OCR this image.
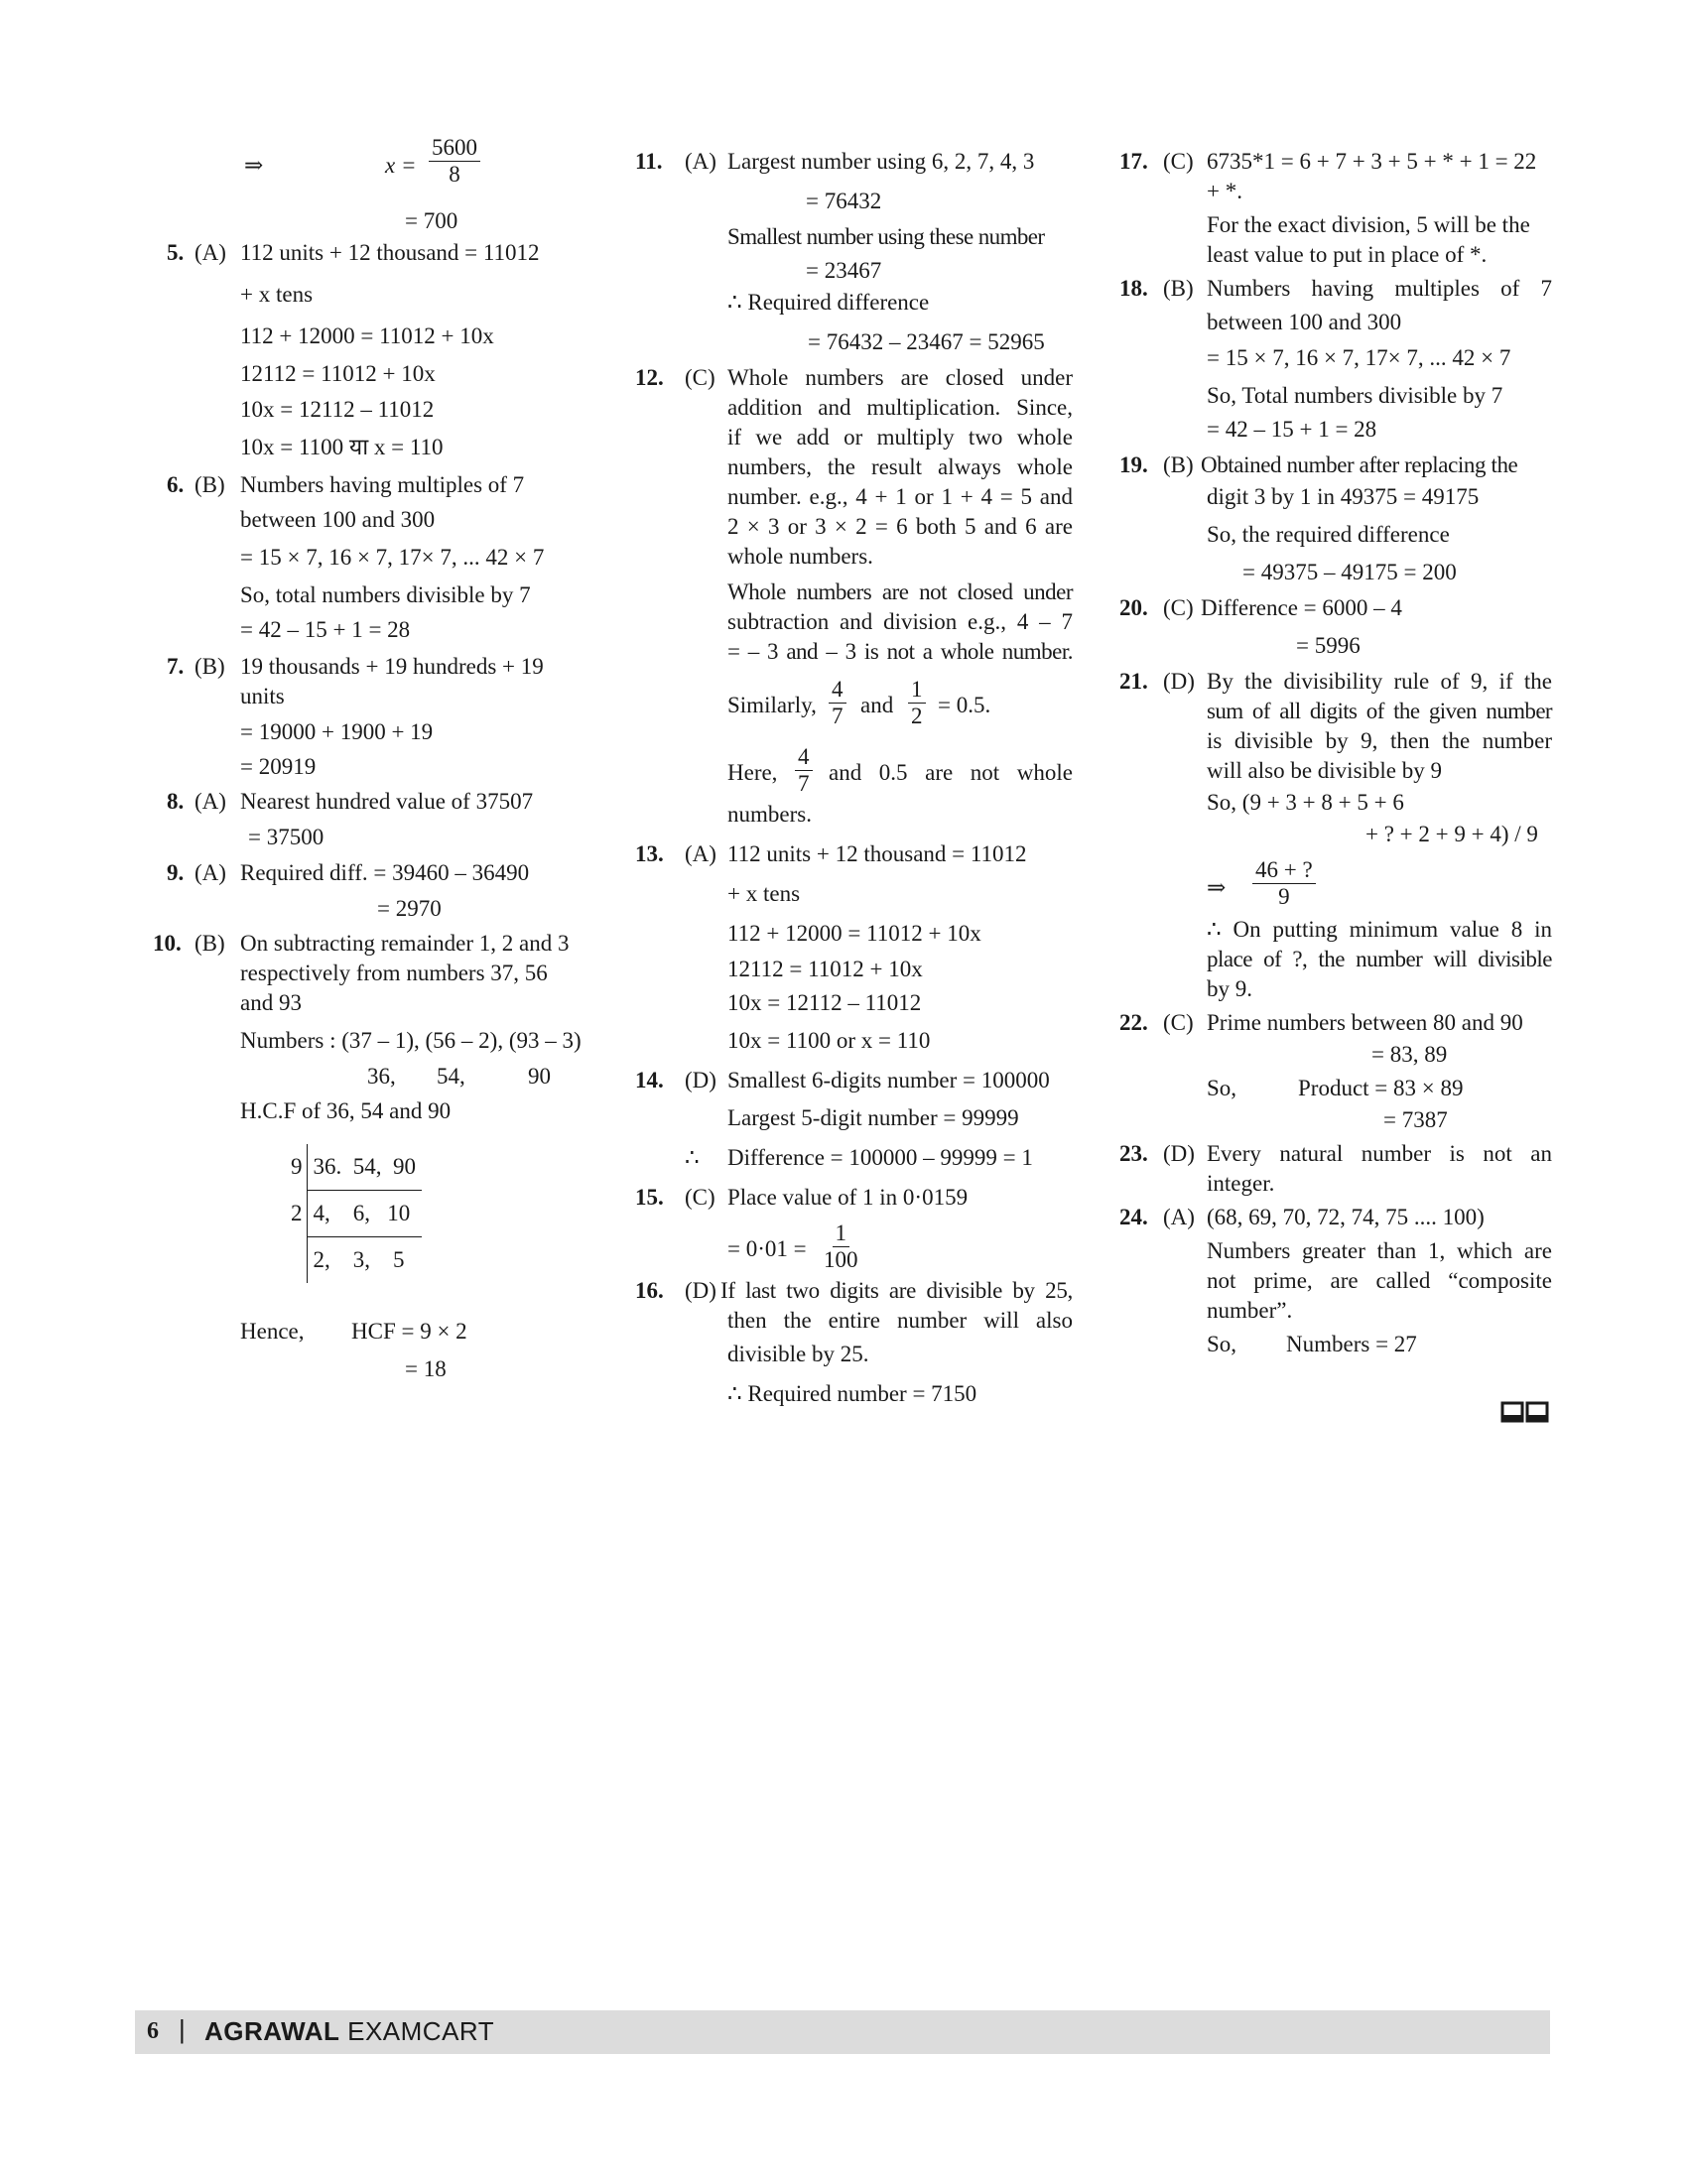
⇒	$x = \frac{5600}{8}$
= 700
5. (A) 112 units + 12 thousand = 11012
+ x tens
112 + 12000 = 11012 + 10x
12112 = 11012 + 10x
10x = 12112 – 11012
10x = 1100 या x = 110
6. (B) Numbers having multiples of 7
between 100 and 300
= 15 × 7, 16 × 7, 17× 7, ... 42 × 7
So, total numbers divisible by 7
= 42 – 15 + 1 = 28
7. (B) 19 thousands + 19 hundreds + 19
units
= 19000 + 1900 + 19
= 20919
8. (A) Nearest hundred value of 37507
= 37500
9. (A) Required diff. = 39460 – 36490
= 2970
10. (B) On subtracting remainder 1, 2 and 3
respectively from numbers 37, 56
and 93
Numbers : (37 – 1), (56 – 2), (93 – 3)
36, 54,	90
H.C.F of 36, 54 and 90
9	36.  54,  90
2	4,    6,   10
	2,    3,    5
Hence, HCF = 9 × 2
= 18
11. (A) Largest number using 6, 2, 7, 4, 3
= 76432
Smallest number using these number
= 23467
∴ Required difference
= 76432 – 23467 = 52965
12. (C) Whole numbers are closed under
addition and multiplication. Since,
if we add or multiply two whole
numbers, the result always whole
number. e.g., 4 + 1 or 1 + 4 = 5 and
2 × 3 or 3 × 2 = 6 both 5 and 6 are
whole numbers.
Whole numbers are not closed under
subtraction and division e.g., 4 – 7
= – 3 and – 3 is not a whole number.
Similarly, $\frac{4}{7}$ and $\frac{1}{2} = 0.5$.
Here, $\frac{4}{7}$ and 0.5 are not whole
numbers.
13. (A) 112 units + 12 thousand = 11012
+ x tens
112 + 12000 = 11012 + 10x
12112 = 11012 + 10x
10x = 12112 – 11012
10x = 1100 or x = 110
14. (D) Smallest 6-digits number = 100000
Largest 5-digit number = 99999
∴ Difference = 100000 – 99999 = 1
15. (C) Place value of 1 in 0·0159
= $0\cdot 01 = \frac{1}{100}$
16. (D) If last two digits are divisible by 25,
then the entire number will also
divisible by 25.
∴ Required number = 7150
17. (C) 6735*1 = 6 + 7 + 3 + 5 + * + 1 = 22
+ *.
For the exact division, 5 will be the
least value to put in place of *.
18. (B) Numbers having multiples of 7
between 100 and 300
= 15 × 7, 16 × 7, 17× 7, ... 42 × 7
So, Total numbers divisible by 7
= 42 – 15 + 1 = 28
19. (B) Obtained number after replacing the
digit 3 by 1 in 49375 = 49175
So, the required difference
= 49375 – 49175 = 200
20. (C) Difference = 6000 – 4
= 5996
21. (D) By the divisibility rule of 9, if the
sum of all digits of the given number
is divisible by 9, then the number
will also be divisible by 9
So, (9 + 3 + 8 + 5 + 6
+ ? + 2 + 9 + 4) / 9
⇒ $\frac{46 + ?}{9}$
∴ On putting minimum value 8 in
place of ?, the number will divisible
by 9.
22. (C) Prime numbers between 80 and 90
= 83, 89
So,	Product = 83 × 89
= 7387
23. (D) Every natural number is not an
integer.
24. (A) (68, 69, 70, 72, 74, 75 .... 100)
Numbers greater than 1, which are
not prime, are called “composite
number”.
So, Numbers = 27
6 | AGRAWAL EXAMCART
